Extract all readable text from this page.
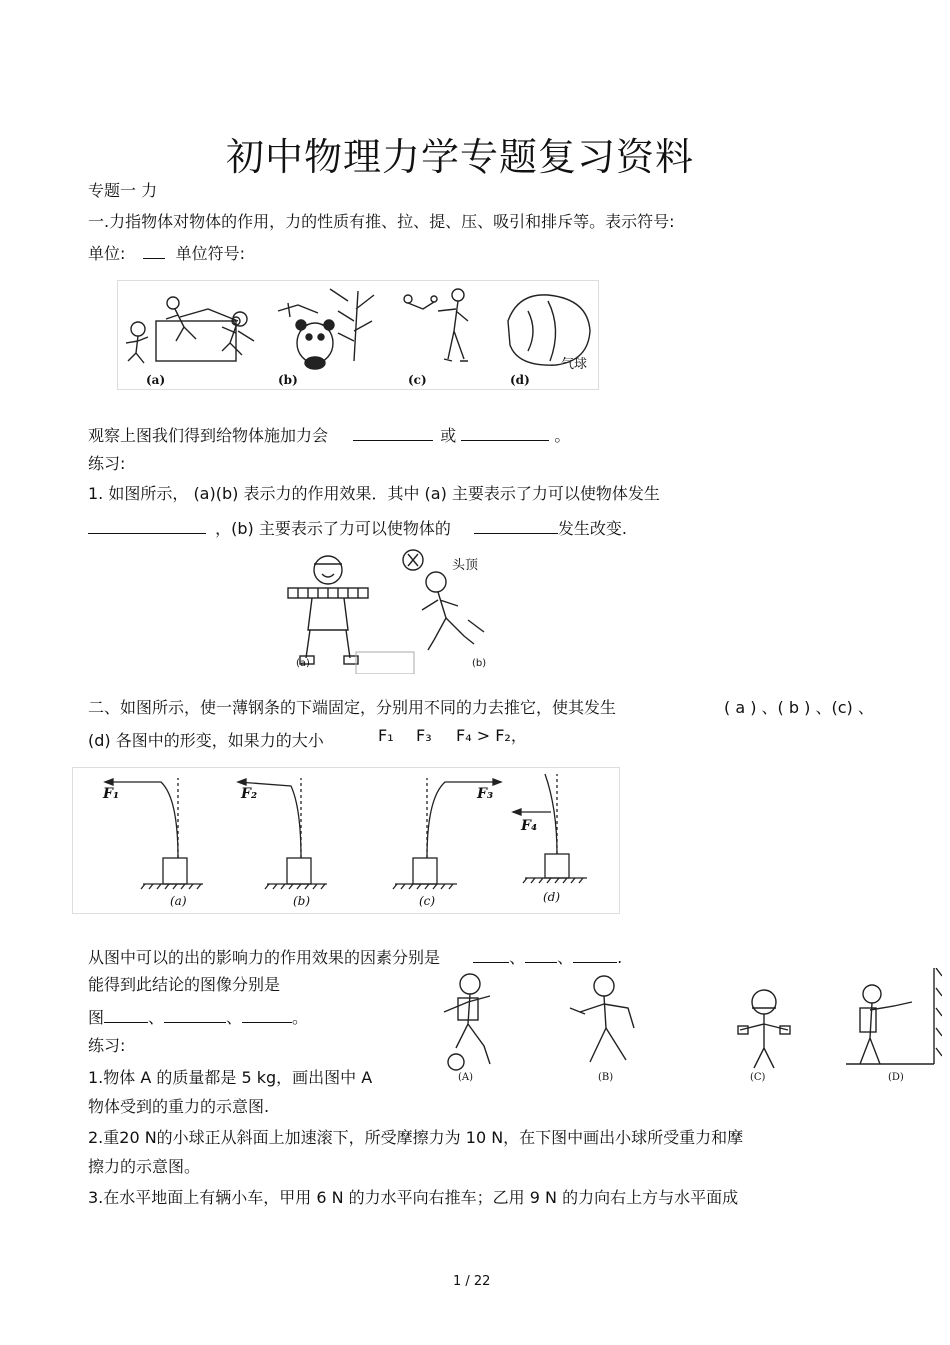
初中物理力学专题复习资料
专题一 力
一.力指物体对物体的作用，力的性质有推、拉、提、压、吸引和排斥等。表示符号:
单位:	单位符号:
气球
(a)	(b)	(c)	(d)
观察上图我们得到给物体施加力会	或	。
练习:
1. 如图所示， (a)(b) 表示力的作用效果．其中 (a) 主要表示了力可以使物体发生
，(b) 主要表示了力可以使物体的	发生改变.
头顶
(a)	(b)
二、如图所示，使一薄钢条的下端固定，分别用不同的力去推它，使其发生	( a ) 、( b ) 、(c) 、
(d) 各图中的形变，如果力的大小	F₁ F₃ F₄ > F₂，
F₁	F₂	F₃
F₄
(a)	(b)	(c)	(d)
从图中可以的出的影响力的作用效果的因素分别是	、 、	.
能得到此结论的图像分别是
图	、	、	。
(A)	(B)	(C)	(D)
练习:
1.物体 A 的质量都是 5 kg，画出图中 A
物体受到的重力的示意图.
2.重20 N的小球正从斜面上加速滚下，所受摩擦力为 10 N，在下图中画出小球所受重力和摩
擦力的示意图。
3.在水平地面上有辆小车，甲用 6 N 的力水平向右推车；乙用 9 N 的力向右上方与水平面成
1 / 22
